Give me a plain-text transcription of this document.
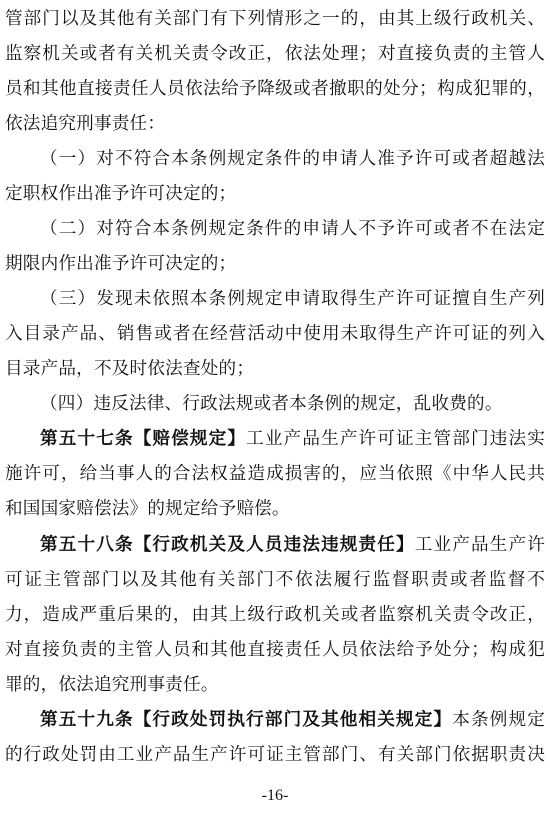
管部门以及其他有关部门有下列情形之一的，由其上级行政机关、
监察机关或者有关机关责令改正，依法处理；对直接负责的主管人
员和其他直接责任人员依法给予降级或者撤职的处分；构成犯罪的，
依法追究刑事责任：
（一）对不符合本条例规定条件的申请人准予许可或者超越法
定职权作出准予许可决定的；
（二）对符合本条例规定条件的申请人不予许可或者不在法定
期限内作出准予许可决定的；
（三）发现未依照本条例规定申请取得生产许可证擅自生产列
入目录产品、销售或者在经营活动中使用未取得生产许可证的列入
目录产品，不及时依法查处的；
（四）违反法律、行政法规或者本条例的规定，乱收费的。
第五十七条【赔偿规定】工业产品生产许可证主管部门违法实
施许可，给当事人的合法权益造成损害的，应当依照《中华人民共
和国国家赔偿法》的规定给予赔偿。
第五十八条【行政机关及人员违法违规责任】工业产品生产许
可证主管部门以及其他有关部门不依法履行监督职责或者监督不
力，造成严重后果的，由其上级行政机关或者监察机关责令改正，
对直接负责的主管人员和其他直接责任人员依法给予处分；构成犯
罪的，依法追究刑事责任。
第五十九条【行政处罚执行部门及其他相关规定】本条例规定
的行政处罚由工业产品生产许可证主管部门、有关部门依据职责决
-16-
